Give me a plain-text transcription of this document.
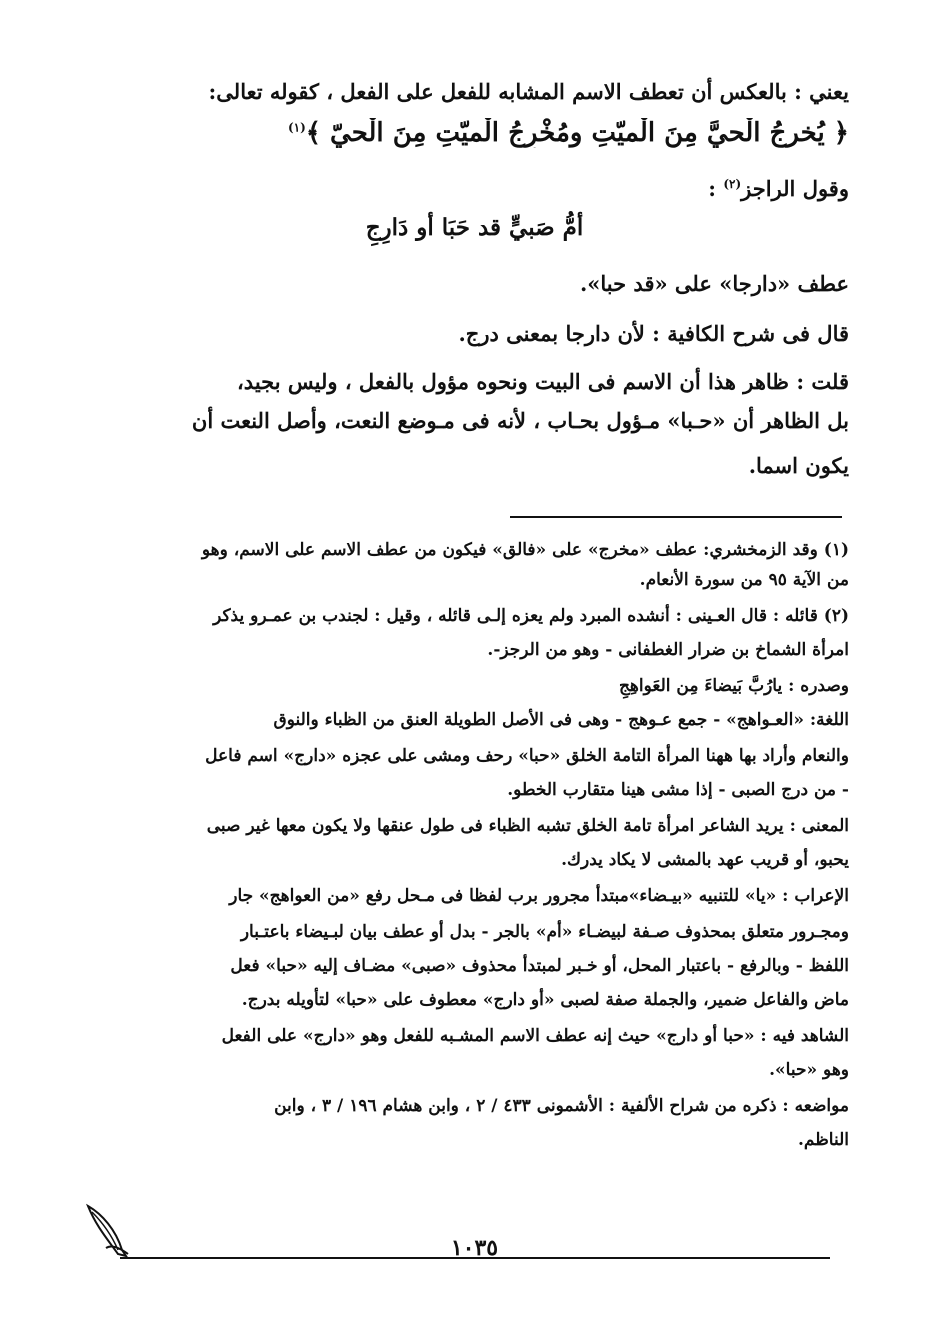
يعني : بالعكس أن تعطف الاسم المشابه للفعل على الفعل ، كقوله تعالى:
﴿ يُخرجُ الْحيَّ مِنَ الْميّتِ ومُخْرِجُ الْميّتِ مِنَ الْحيّ ﴾$^{(١)}$
وقول الراجز$^{(٢)}$ :
أمُّ صَبيٍّ قد حَبَا أو دَارِجِ
عطف «دارجا» على «قد حبا».
قال فى شرح الكافية : لأن دارجا بمعنى درج.
قلت : ظاهر هذا أن الاسم فى البيت ونحوه مؤول بالفعل ، وليس بجيد،
بل الظاهر أن «حـبا» مـؤول بحـاب ، لأنه فى مـوضع النعت، وأصل النعت أن
يكون اسما.
(١) وقد الزمخشري: عطف «مخرج» على «فالق» فيكون من عطف الاسم على الاسم، وهو
من الآية ٩٥ من سورة الأنعام.
(٢) قائله : قال العـينى : أنشده المبرد ولم يعزه إلـى قائله ، وقيل : لجندب بن عمـرو يذكر
امرأة الشماخ بن ضرار الغطفانى - وهو من الرجز-.
وصدره : يارُبَّ بَيضاءَ مِن العَواهِجِ
اللغة: «العـواهج» - جمع عـوهج - وهى فى الأصل الطويلة العنق من الظباء والنوق
والنعام وأراد بها ههنا المرأة التامة الخلق «حبا» رحف ومشى على عجزه «دارج» اسم فاعل
- من درج الصبى - إذا مشى هينا متقارب الخطو.
المعنى : يريد الشاعر امرأة تامة الخلق تشبه الظباء فى طول عنقها ولا يكون معها غير صبى
يحبو، أو قريب عهد بالمشى لا يكاد يدرك.
الإعراب : «يا» للتنبيه «بيـضاء»مبتدأ مجرور برب لفظا فى مـحل رفع «من العواهج» جار
ومجـرور متعلق بمحذوف صـفة لبيضـاء «أم» بالجر - بدل أو عطف بيان لبـيضاء باعتـبار
اللفظ - وبالرفع - باعتبار المحل، أو خـبر لمبتدأ محذوف «صبى» مضـاف إليه «حبا» فعل
ماض والفاعل ضمير، والجملة صفة لصبى «أو دارج» معطوف على «حبا» لتأويله بدرج.
الشاهد فيه : «حبا أو دارج» حيث إنه عطف الاسم المشـبه للفعل وهو «دارج» على الفعل
وهو «حبا».
مواضعه : ذكره من شراح الألفية : الأشمونى ٤٣٣ / ٢ ، وابن هشام ١٩٦ / ٣ ، وابن
الناظم.
١٠٣٥
